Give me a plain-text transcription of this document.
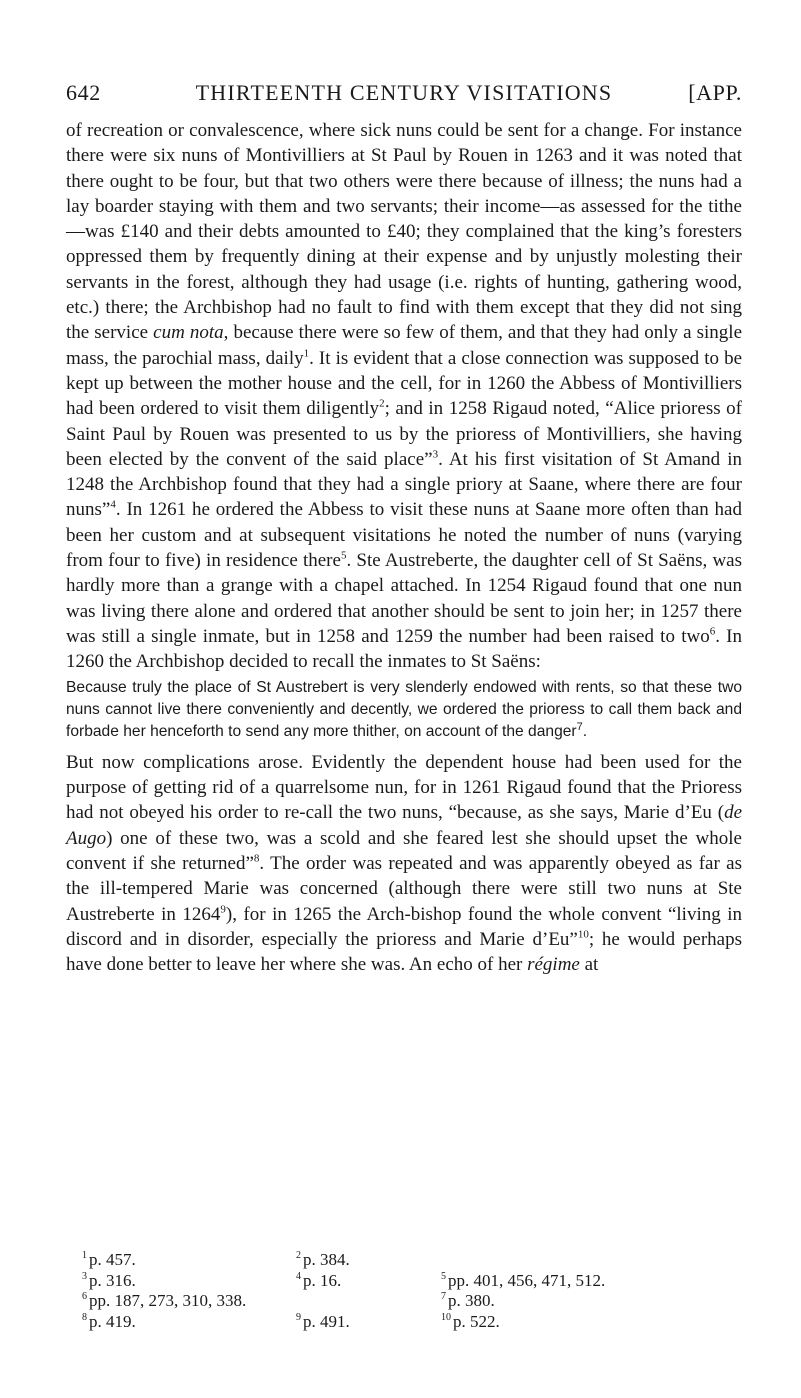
642	THIRTEENTH CENTURY VISITATIONS	[APP.

of recreation or convalescence, where sick nuns could be sent for a change. For instance there were six nuns of Montivilliers at St Paul by Rouen in 1263 and it was noted that there ought to be four, but that two others were there because of illness; the nuns had a lay boarder staying with them and two servants; their income—as assessed for the tithe—was £140 and their debts amounted to £40; they complained that the king’s foresters oppressed them by frequently dining at their expense and by unjustly molesting their servants in the forest, although they had usage (i.e. rights of hunting, gathering wood, etc.) there; the Archbishop had no fault to find with them except that they did not sing the service cum nota, because there were so few of them, and that they had only a single mass, the parochial mass, daily$^1$. It is evident that a close connection was supposed to be kept up between the mother house and the cell, for in 1260 the Abbess of Montivilliers had been ordered to visit them diligently$^2$; and in 1258 Rigaud noted, “Alice prioress of Saint Paul by Rouen was presented to us by the prioress of Montivilliers, she having been elected by the convent of the said place”$^3$. At his first visitation of St Amand in 1248 the Archbishop found that they had a single priory at Saane, where there are four nuns”$^4$. In 1261 he ordered the Abbess to visit these nuns at Saane more often than had been her custom and at subsequent visitations he noted the number of nuns (varying from four to five) in residence there$^5$. Ste Austreberte, the daughter cell of St Saëns, was hardly more than a grange with a chapel attached. In 1254 Rigaud found that one nun was living there alone and ordered that another should be sent to join her; in 1257 there was still a single inmate, but in 1258 and 1259 the number had been raised to two$^6$. In 1260 the Archbishop decided to recall the inmates to St Saëns:

Because truly the place of St Austrebert is very slenderly endowed with rents, so that these two nuns cannot live there conveniently and decently, we ordered the prioress to call them back and forbade her henceforth to send any more thither, on account of the danger$^7$.

But now complications arose. Evidently the dependent house had been used for the purpose of getting rid of a quarrelsome nun, for in 1261 Rigaud found that the Prioress had not obeyed his order to re-call the two nuns, “because, as she says, Marie d’Eu (de Augo) one of these two, was a scold and she feared lest she should upset the whole convent if she returned”$^8$. The order was repeated and was apparently obeyed as far as the ill-tempered Marie was concerned (although there were still two nuns at Ste Austreberte in 1264$^9$), for in 1265 the Arch-bishop found the whole convent “living in discord and in disorder, especially the prioress and Marie d’Eu”$^{10}$; he would perhaps have done better to leave her where she was. An echo of her régime at

$^1$ p. 457.	$^2$ p. 384.
$^3$ p. 316.	$^4$ p. 16.	$^5$ pp. 401, 456, 471, 512.
$^6$ pp. 187, 273, 310, 338.	$^7$ p. 380.
$^8$ p. 419.	$^9$ p. 491.	$^{10}$ p. 522.
